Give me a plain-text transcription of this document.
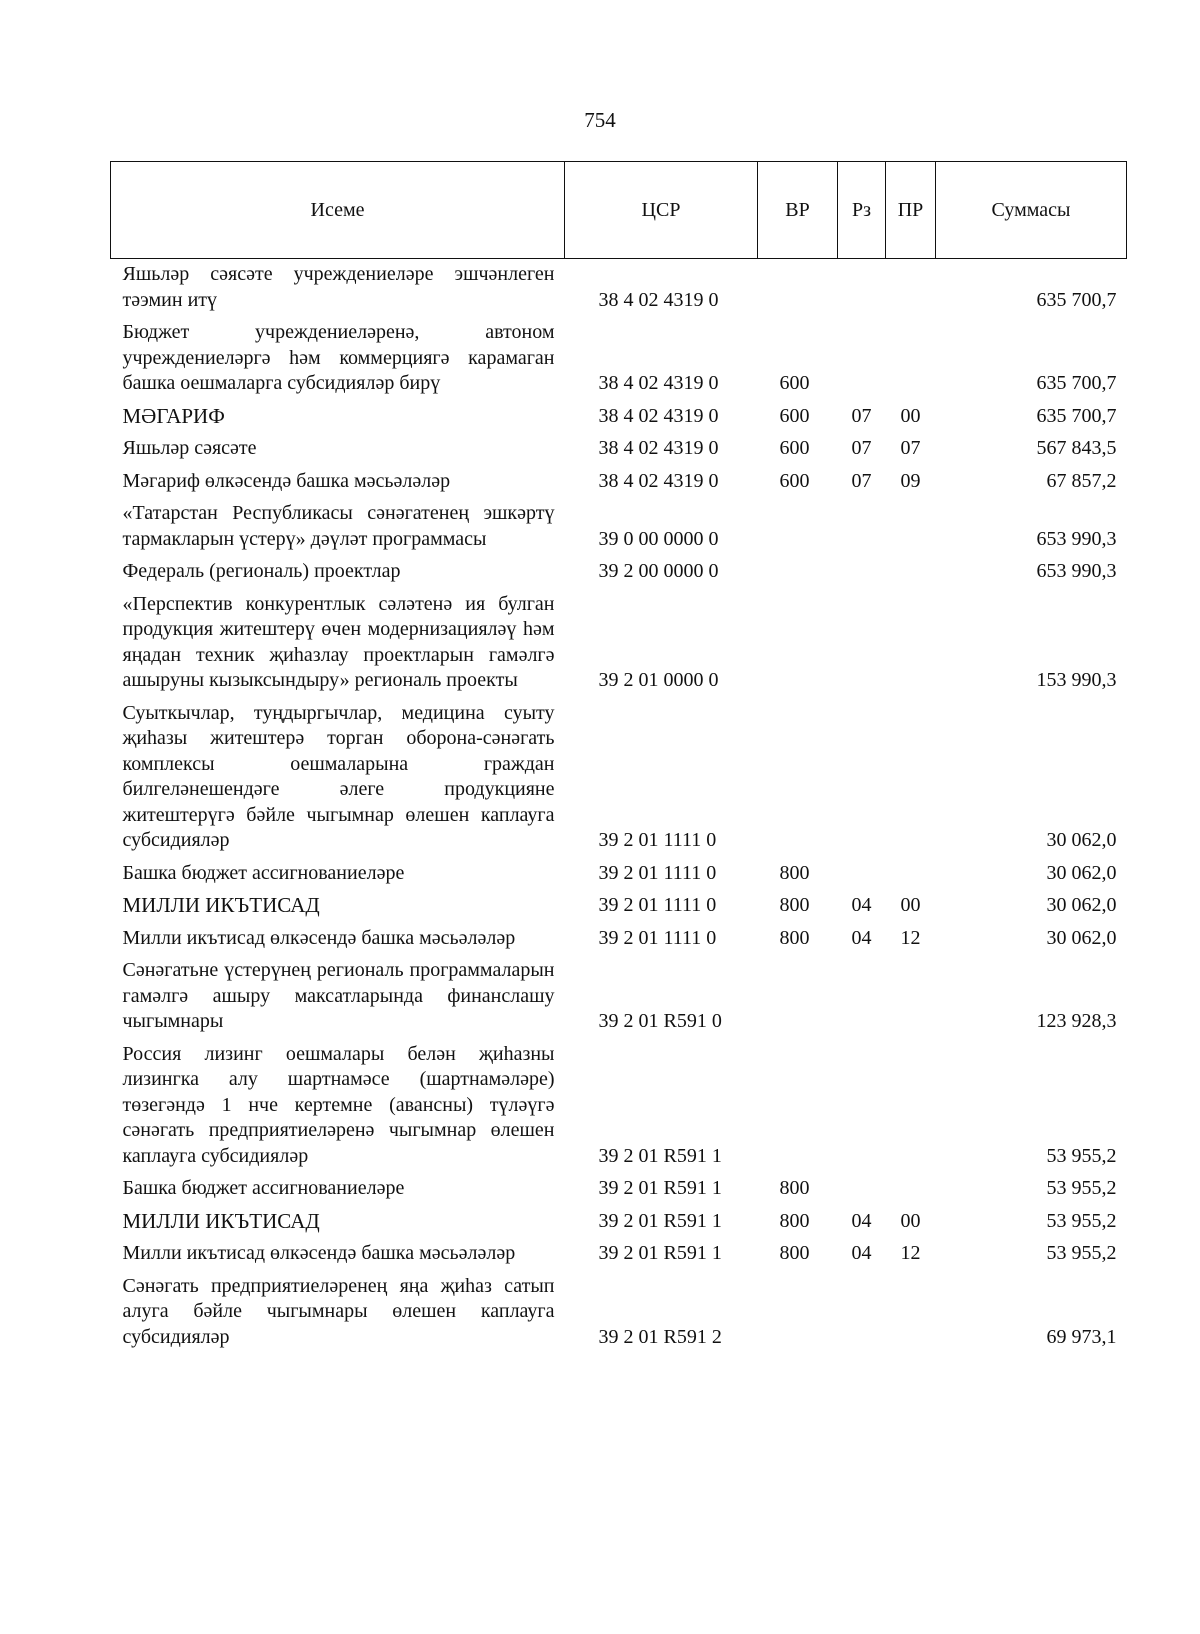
754
Исеме	ЦСР	ВР	Рз	ПР	Суммасы
Яшьләр сәясәте учреждениеләре эшчәнлеген тәэмин итү	38 4 02 4319 0				635 700,7
Бюджет учреждениеләренә, автоном учреждениеләргә һәм коммерциягә карамаган башка оешмаларга субсидияләр бирү	38 4 02 4319 0	600			635 700,7
МӘГАРИФ	38 4 02 4319 0	600	07	00	635 700,7
Яшьләр сәясәте	38 4 02 4319 0	600	07	07	567 843,5
Мәгариф өлкәсендә башка мәсьәләләр	38 4 02 4319 0	600	07	09	67 857,2
«Татарстан Республикасы сәнәгатенең эшкәртү тармакларын үстерү» дәүләт программасы	39 0 00 0000 0				653 990,3
Федераль (региональ) проектлар	39 2 00 0000 0				653 990,3
«Перспектив конкурентлык сәләтенә ия булган продукция житештерү өчен модернизацияләү һәм яңадан техник җиһазлау проектларын гамәлгә ашыруны кызыксындыру» региональ проекты	39 2 01 0000 0				153 990,3
Суыткычлар, туңдыргычлар, медицина суыту җиһазы житештерә торган оборона-сәнәгать комплексы оешмаларына граждан билгеләнешендәге әлеге продукцияне житештерүгә бәйле чыгымнар өлешен каплауга субсидияләр	39 2 01 1111 0				30 062,0
Башка бюджет ассигнованиеләре	39 2 01 1111 0	800			30 062,0
МИЛЛИ ИКЪТИСАД	39 2 01 1111 0	800	04	00	30 062,0
Милли икътисад өлкәсендә башка мәсьәләләр	39 2 01 1111 0	800	04	12	30 062,0
Сәнәгатьне үстерүнең региональ программаларын гамәлгә ашыру максатларында финанслашу чыгымнары	39 2 01 R591 0				123 928,3
Россия лизинг оешмалары белән җиһазны лизингка алу шартнамәсе (шартнамәләре) төзегәндә 1 нче кертемне (авансны) түләүгә сәнәгать предприятиеләренә чыгымнар өлешен каплауга субсидияләр	39 2 01 R591 1				53 955,2
Башка бюджет ассигнованиеләре	39 2 01 R591 1	800			53 955,2
МИЛЛИ ИКЪТИСАД	39 2 01 R591 1	800	04	00	53 955,2
Милли икътисад өлкәсендә башка мәсьәләләр	39 2 01 R591 1	800	04	12	53 955,2
Сәнәгать предприятиеләренең яңа җиһаз сатып алуга бәйле чыгымнары өлешен каплауга субсидияләр	39 2 01 R591 2				69 973,1
